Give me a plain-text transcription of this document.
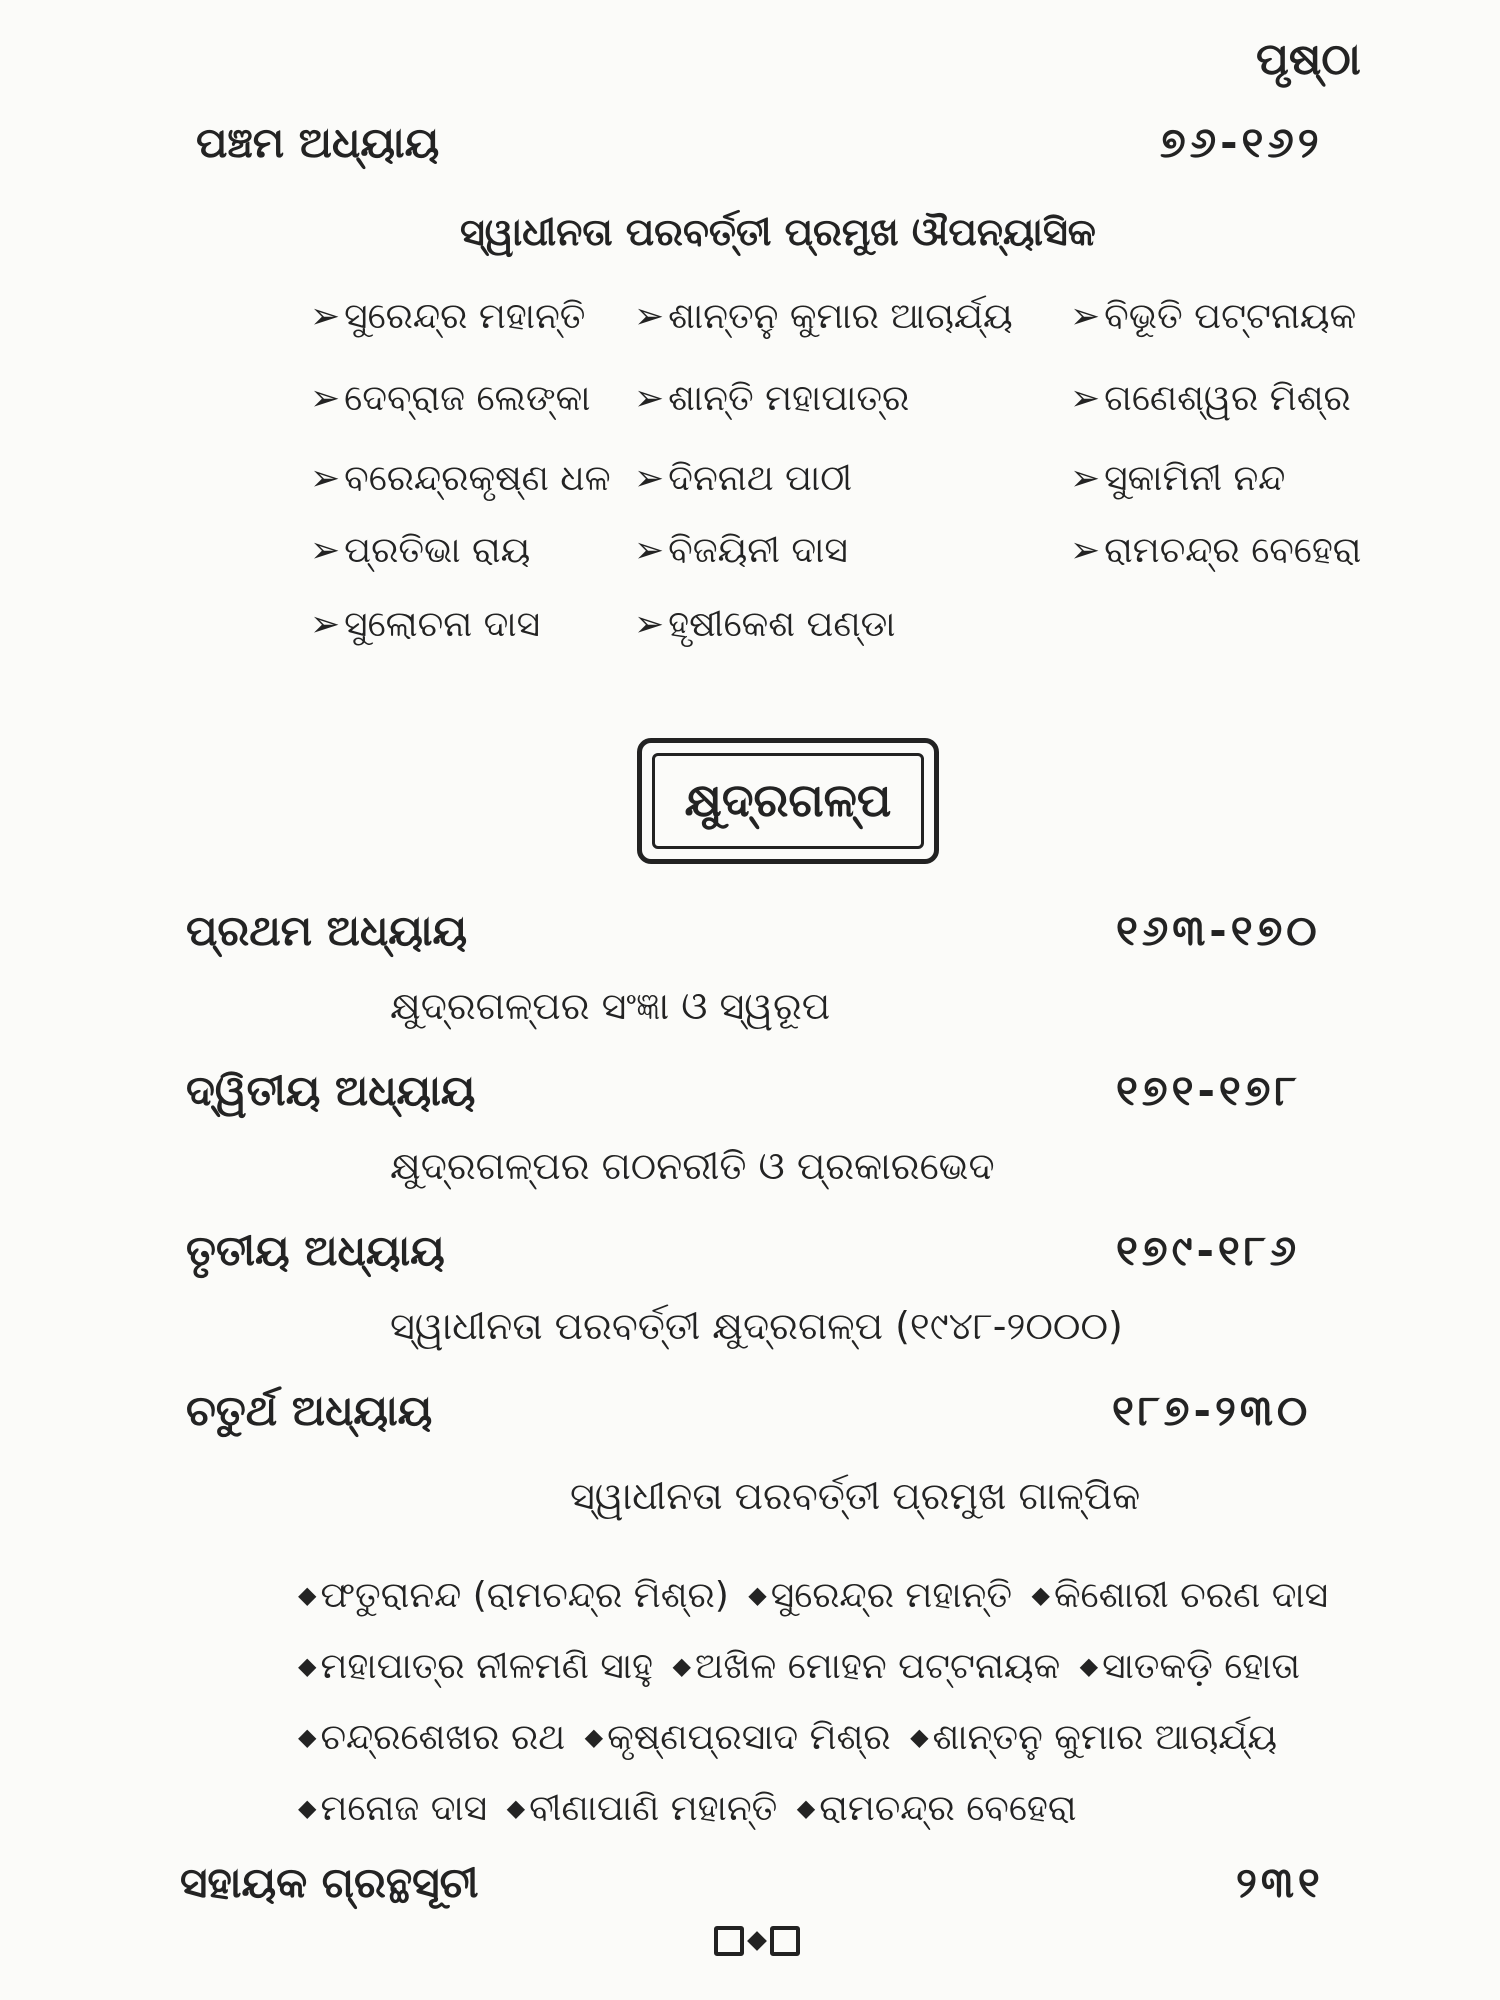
ପୃଷ୍ଠା
ପଞ୍ଚମ ଅଧ୍ୟାୟ	୭୬-୧୬୨
ସ୍ୱାଧୀନତା ପରବର୍ତ୍ତୀ ପ୍ରମୁଖ ଔପନ୍ୟାସିକ
➢ ସୁରେନ୍ଦ୍ର ମହାନ୍ତି ➢ ଶାନ୍ତନୁ କୁମାର ଆଚାର୍ଯ୍ୟ ➢ ବିଭୂତି ପଟ୍ଟନାୟକ
➢ ଦେବ୍ରାଜ ଲେଙ୍କା ➢ ଶାନ୍ତି ମହାପାତ୍ର	➢ ଗଣେଶ୍ୱର ମିଶ୍ର
➢ ବରେନ୍ଦ୍ରକୃଷ୍ଣ ଧଳ ➢ ଦିନନାଥ ପାଠୀ	➢ ସୁକାମିନୀ ନନ୍ଦ
➢ ପ୍ରତିଭା ରାୟ	➢ ବିଜୟିନୀ ଦାସ	➢ ରାମଚନ୍ଦ୍ର ବେହେରା
➢ ସୁଲୋଚନା ଦାସ	➢ ହୃଷୀକେଶ ପଣ୍ଡା
କ୍ଷୁଦ୍ରଗଳ୍ପ
ପ୍ରଥମ ଅଧ୍ୟାୟ	୧୬୩-୧୭୦
କ୍ଷୁଦ୍ରଗଳ୍ପର ସଂଜ୍ଞା ଓ ସ୍ୱରୂପ
ଦ୍ୱିତୀୟ ଅଧ୍ୟାୟ	୧୭୧-୧୭୮
କ୍ଷୁଦ୍ରଗଳ୍ପର ଗଠନରୀତି ଓ ପ୍ରକାରଭେଦ
ତୃତୀୟ ଅଧ୍ୟାୟ	୧୭୯-୧୮୬
ସ୍ୱାଧୀନତା ପରବର୍ତ୍ତୀ କ୍ଷୁଦ୍ରଗଳ୍ପ (୧୯୪୮-୨୦୦୦)
ଚତୁର୍ଥ ଅଧ୍ୟାୟ	୧୮୭-୨୩୦
ସ୍ୱାଧୀନତା ପରବର୍ତ୍ତୀ ପ୍ରମୁଖ ଗାଳ୍ପିକ
◆ ଫତୁରାନନ୍ଦ (ରାମଚନ୍ଦ୍ର ମିଶ୍ର) ◆ ସୁରେନ୍ଦ୍ର ମହାନ୍ତି ◆ କିଶୋରୀ ଚରଣ ଦାସ ◆ ମହାପାତ୍ର ନୀଳମଣି ସାହୁ ◆ ଅଖିଳ ମୋହନ ପଟ୍ଟନାୟକ ◆ ସାତକଡ଼ି ହୋତା ◆ ଚନ୍ଦ୍ରଶେଖର ରଥ ◆ କୃଷ୍ଣପ୍ରସାଦ ମିଶ୍ର ◆ ଶାନ୍ତନୁ କୁମାର ଆଚାର୍ଯ୍ୟ ◆ ମନୋଜ ଦାସ ◆ ବୀଣାପାଣି ମହାନ୍ତି ◆ ରାମଚନ୍ଦ୍ର ବେହେରା
ସହାୟକ ଗ୍ରନ୍ଥସୂଚୀ	୨୩୧
